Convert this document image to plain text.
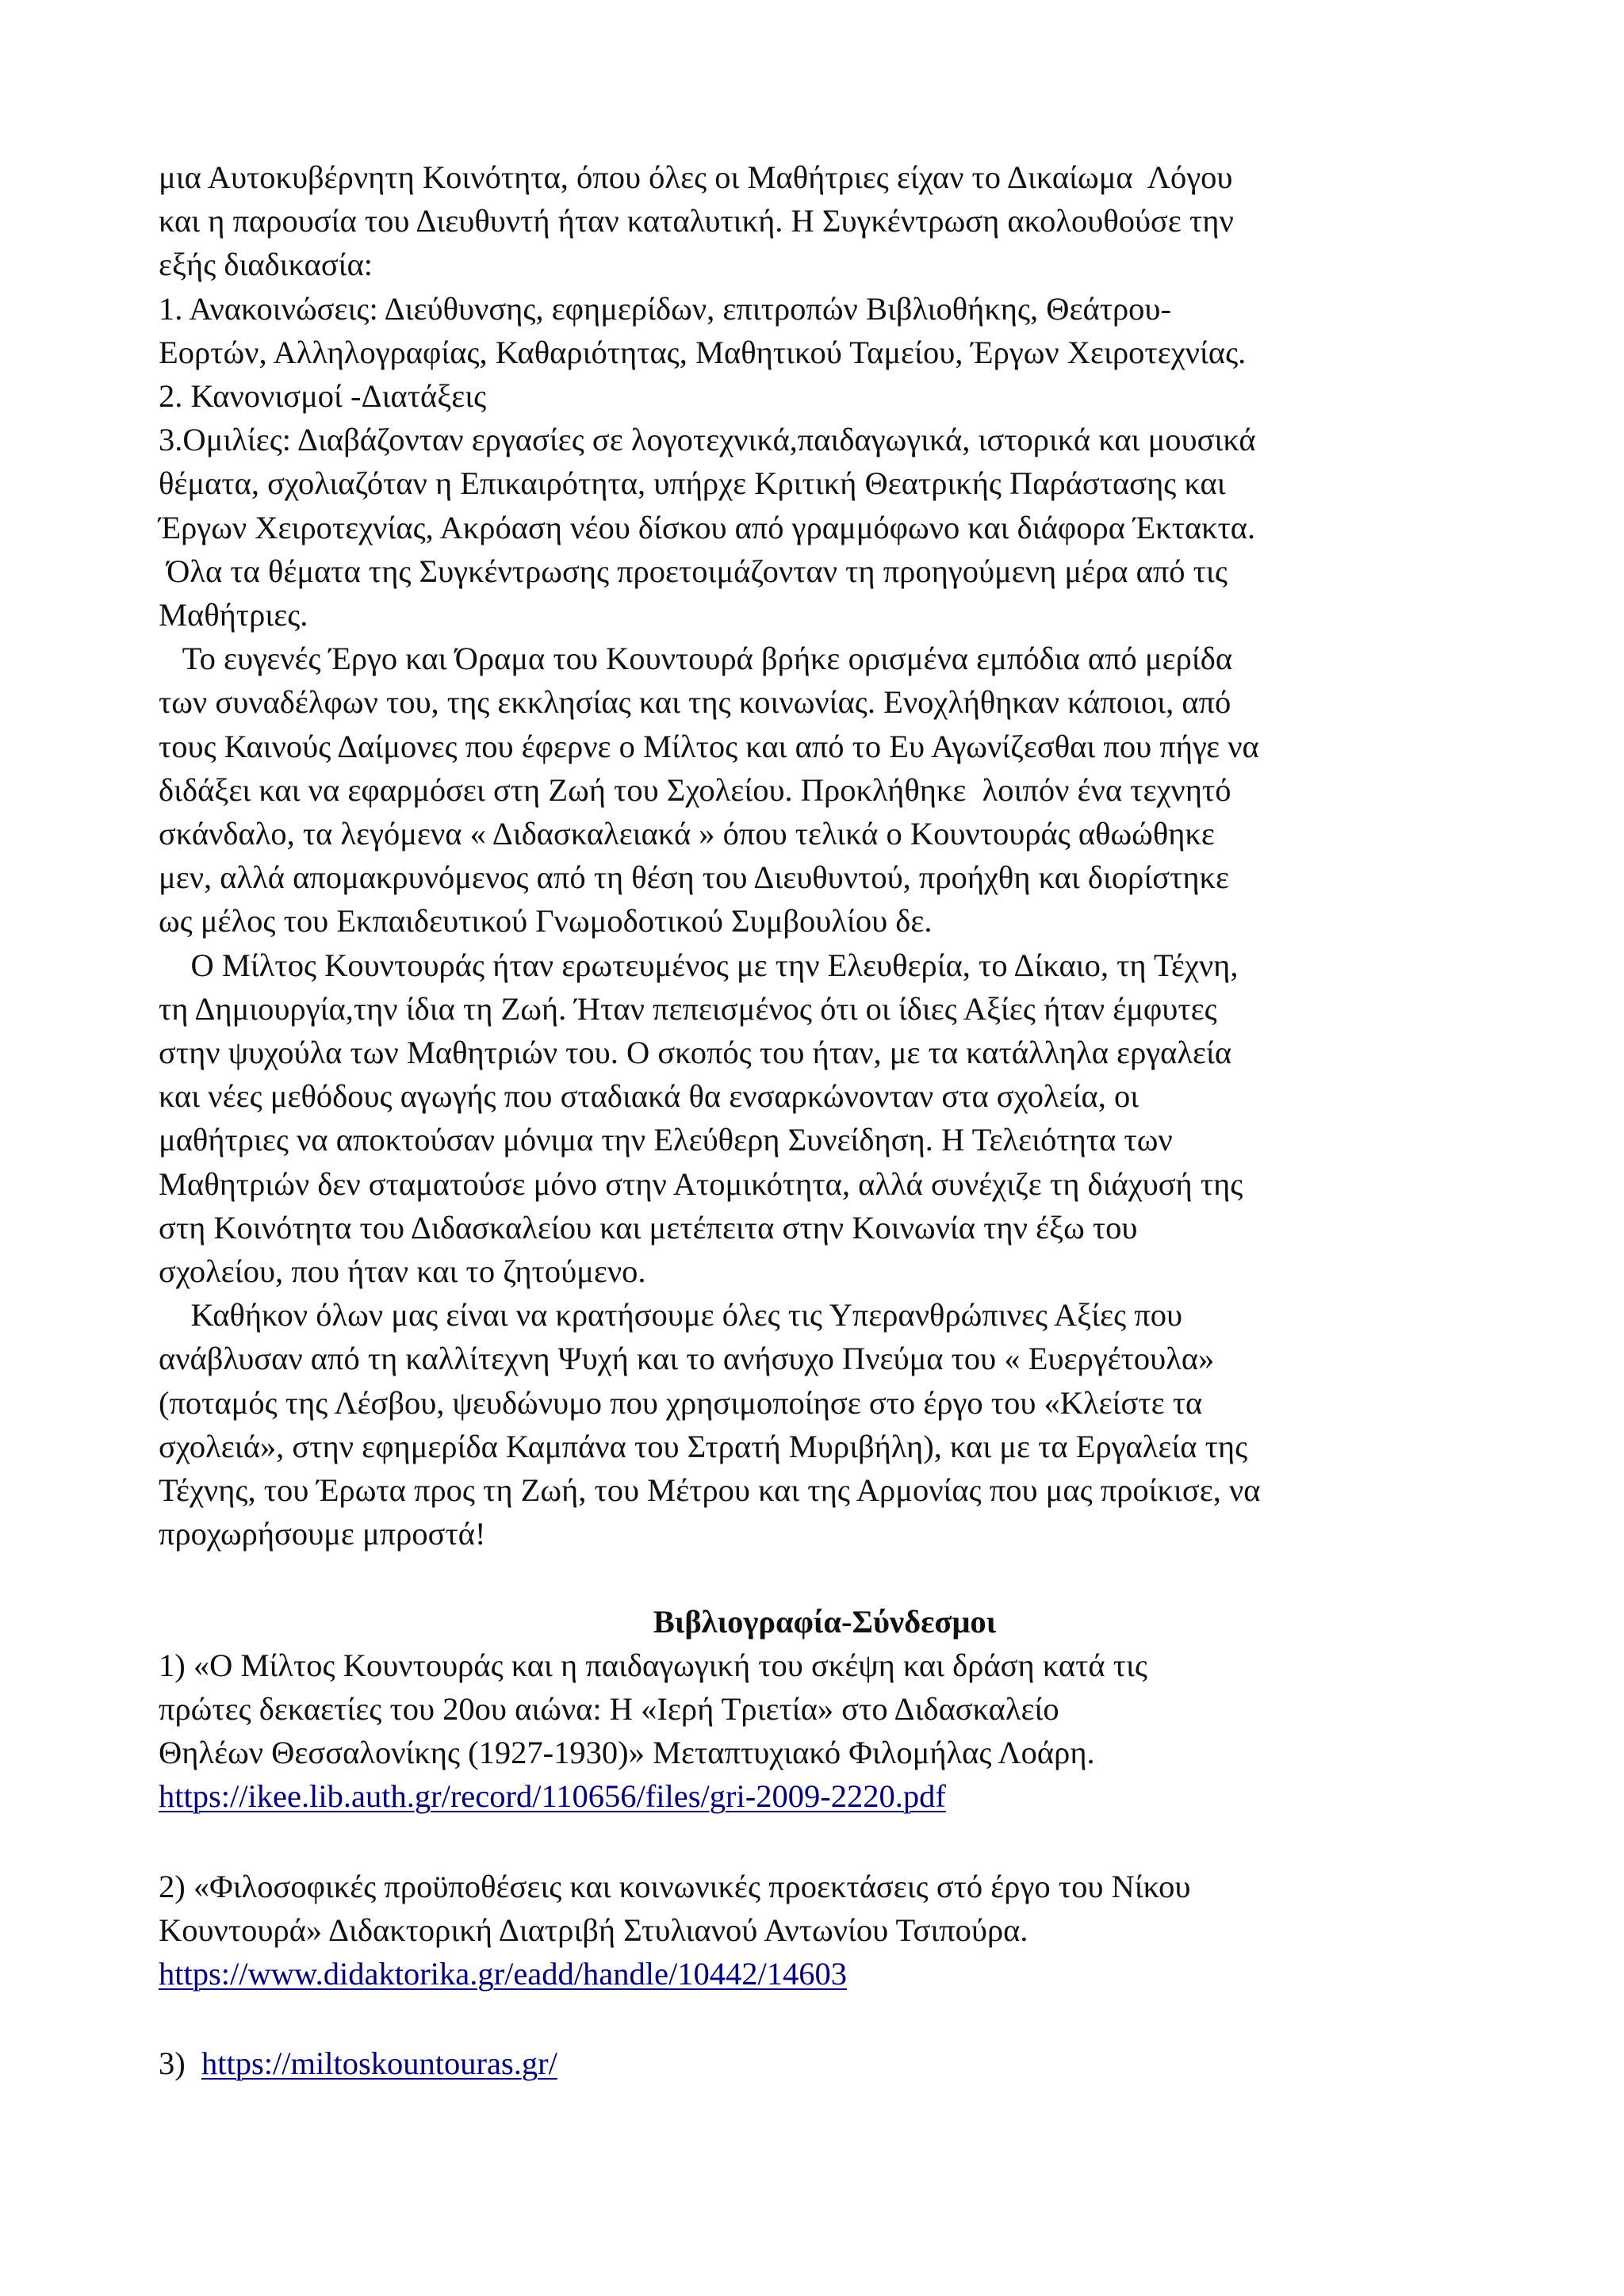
μια Αυτοκυβέρνητη Κοινότητα, όπου όλες οι Μαθήτριες είχαν το Δικαίωμα  Λόγου
και η παρουσία του Διευθυντή ήταν καταλυτική. Η Συγκέντρωση ακολουθούσε την
εξής διαδικασία:
1. Ανακοινώσεις: Διεύθυνσης, εφημερίδων, επιτροπών Βιβλιοθήκης, Θεάτρου-
Εορτών, Αλληλογραφίας, Καθαριότητας, Μαθητικού Ταμείου, Έργων Χειροτεχνίας.
2. Κανονισμοί -Διατάξεις
3.Ομιλίες: Διαβάζονταν εργασίες σε λογοτεχνικά,παιδαγωγικά, ιστορικά και μουσικά
θέματα, σχολιαζόταν η Επικαιρότητα, υπήρχε Κριτική Θεατρικής Παράστασης και
Έργων Χειροτεχνίας, Ακρόαση νέου δίσκου από γραμμόφωνο και διάφορα Έκτακτα.
Όλα τα θέματα της Συγκέντρωσης προετοιμάζονταν τη προηγούμενη μέρα από τις
Μαθήτριες.
Το ευγενές Έργο και Όραμα του Κουντουρά βρήκε ορισμένα εμπόδια από μερίδα
των συναδέλφων του, της εκκλησίας και της κοινωνίας. Ενοχλήθηκαν κάποιοι, από
τους Καινούς Δαίμονες που έφερνε ο Μίλτος και από το Ευ Αγωνίζεσθαι που πήγε να
διδάξει και να εφαρμόσει στη Ζωή του Σχολείου. Προκλήθηκε  λοιπόν ένα τεχνητό
σκάνδαλο, τα λεγόμενα « Διδασκαλειακά » όπου τελικά ο Κουντουράς αθωώθηκε
μεν, αλλά απομακρυνόμενος από τη θέση του Διευθυντού, προήχθη και διορίστηκε
ως μέλος του Εκπαιδευτικού Γνωμοδοτικού Συμβουλίου δε.
Ο Μίλτος Κουντουράς ήταν ερωτευμένος με την Ελευθερία, το Δίκαιο, τη Τέχνη,
τη Δημιουργία,την ίδια τη Ζωή. Ήταν πεπεισμένος ότι οι ίδιες Αξίες ήταν έμφυτες
στην ψυχούλα των Μαθητριών του. Ο σκοπός του ήταν, με τα κατάλληλα εργαλεία
και νέες μεθόδους αγωγής που σταδιακά θα ενσαρκώνονταν στα σχολεία, οι
μαθήτριες να αποκτούσαν μόνιμα την Ελεύθερη Συνείδηση. Η Τελειότητα των
Μαθητριών δεν σταματούσε μόνο στην Ατομικότητα, αλλά συνέχιζε τη διάχυσή της
στη Κοινότητα του Διδασκαλείου και μετέπειτα στην Κοινωνία την έξω του
σχολείου, που ήταν και το ζητούμενο.
Καθήκον όλων μας είναι να κρατήσουμε όλες τις Υπερανθρώπινες Αξίες που
ανάβλυσαν από τη καλλίτεχνη Ψυχή και το ανήσυχο Πνεύμα του « Ευεργέτουλα»
(ποταμός της Λέσβου, ψευδώνυμο που χρησιμοποίησε στο έργο του «Κλείστε τα
σχολειά», στην εφημερίδα Καμπάνα του Στρατή Μυριβήλη), και με τα Εργαλεία της
Τέχνης, του Έρωτα προς τη Ζωή, του Μέτρου και της Αρμονίας που μας προίκισε, να
προχωρήσουμε μπροστά!
Βιβλιογραφία-Σύνδεσμοι
1) «Ο Μίλτος Κουντουράς και η παιδαγωγική του σκέψη και δράση κατά τις
πρώτες δεκαετίες του 20ου αιώνα: Η «Ιερή Τριετία» στο Διδασκαλείο
Θηλέων Θεσσαλονίκης (1927-1930)» Μεταπτυχιακό Φιλομήλας Λοάρη.
https://ikee.lib.auth.gr/record/110656/files/gri-2009-2220.pdf
2) «Φιλοσοφικές προϋποθέσεις και κοινωνικές προεκτάσεις στό έργο του Νίκου
Κουντουρά» Διδακτορική Διατριβή Στυλιανού Αντωνίου Τσιπούρα.
https://www.didaktorika.gr/eadd/handle/10442/14603
3)  https://miltoskountouras.gr/
